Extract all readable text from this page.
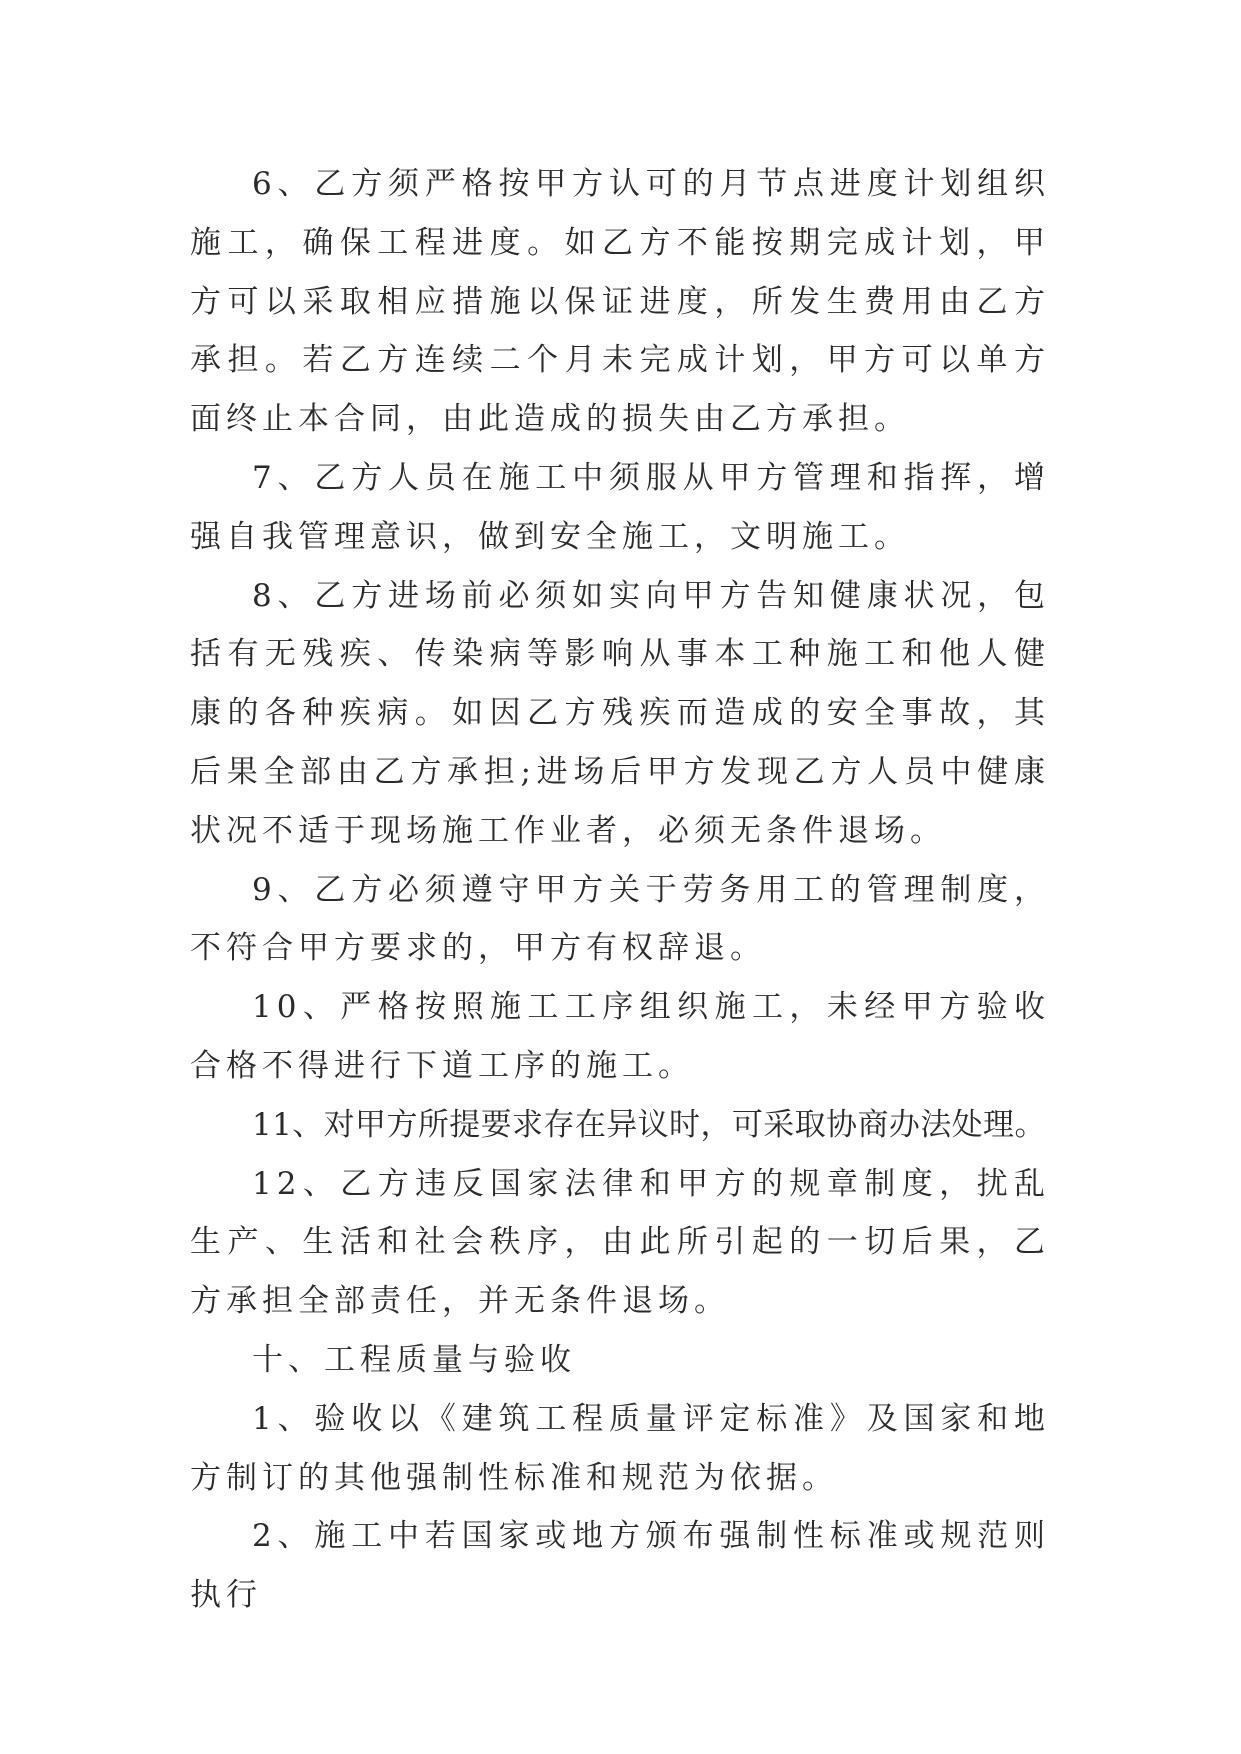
6、乙方须严格按甲方认可的月节点进度计划组织施工，确保工程进度。如乙方不能按期完成计划，甲方可以采取相应措施以保证进度，所发生费用由乙方承担。若乙方连续二个月未完成计划，甲方可以单方面终止本合同，由此造成的损失由乙方承担。

7、乙方人员在施工中须服从甲方管理和指挥，增强自我管理意识，做到安全施工，文明施工。

8、乙方进场前必须如实向甲方告知健康状况，包括有无残疾、传染病等影响从事本工种施工和他人健康的各种疾病。如因乙方残疾而造成的安全事故，其后果全部由乙方承担;进场后甲方发现乙方人员中健康状况不适于现场施工作业者，必须无条件退场。

9、乙方必须遵守甲方关于劳务用工的管理制度，不符合甲方要求的，甲方有权辞退。

10、严格按照施工工序组织施工，未经甲方验收合格不得进行下道工序的施工。

11、对甲方所提要求存在异议时，可采取协商办法处理。

12、乙方违反国家法律和甲方的规章制度，扰乱生产、生活和社会秩序，由此所引起的一切后果，乙方承担全部责任，并无条件退场。

十、工程质量与验收

1、验收以《建筑工程质量评定标准》及国家和地方制订的其他强制性标准和规范为依据。

2、施工中若国家或地方颁布强制性标准或规范则执行
